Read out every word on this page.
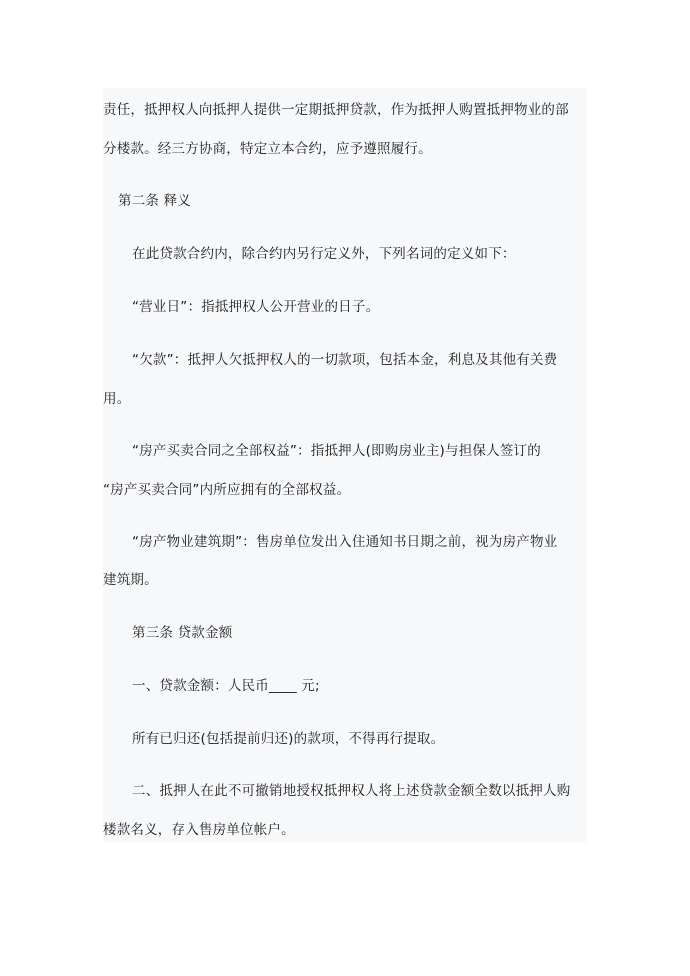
责任，抵押权人向抵押人提供一定期抵押贷款，作为抵押人购置抵押物业的部
分楼款。经三方协商，特定立本合约，应予遵照履行。
第二条 释义
在此贷款合约内，除合约内另行定义外，下列名词的定义如下：
“营业日”：指抵押权人公开营业的日子。
“欠款”：抵押人欠抵押权人的一切款项，包括本金，利息及其他有关费
用。
“房产买卖合同之全部权益”：指抵押人(即购房业主)与担保人签订的
“房产买卖合同”内所应拥有的全部权益。
“房产物业建筑期”：售房单位发出入住通知书日期之前，视为房产物业
建筑期。
第三条 贷款金额
一、贷款金额：人民币____ 元;
所有已归还(包括提前归还)的款项，不得再行提取。
二、抵押人在此不可撤销地授权抵押权人将上述贷款金额全数以抵押人购
楼款名义，存入售房单位帐户。
